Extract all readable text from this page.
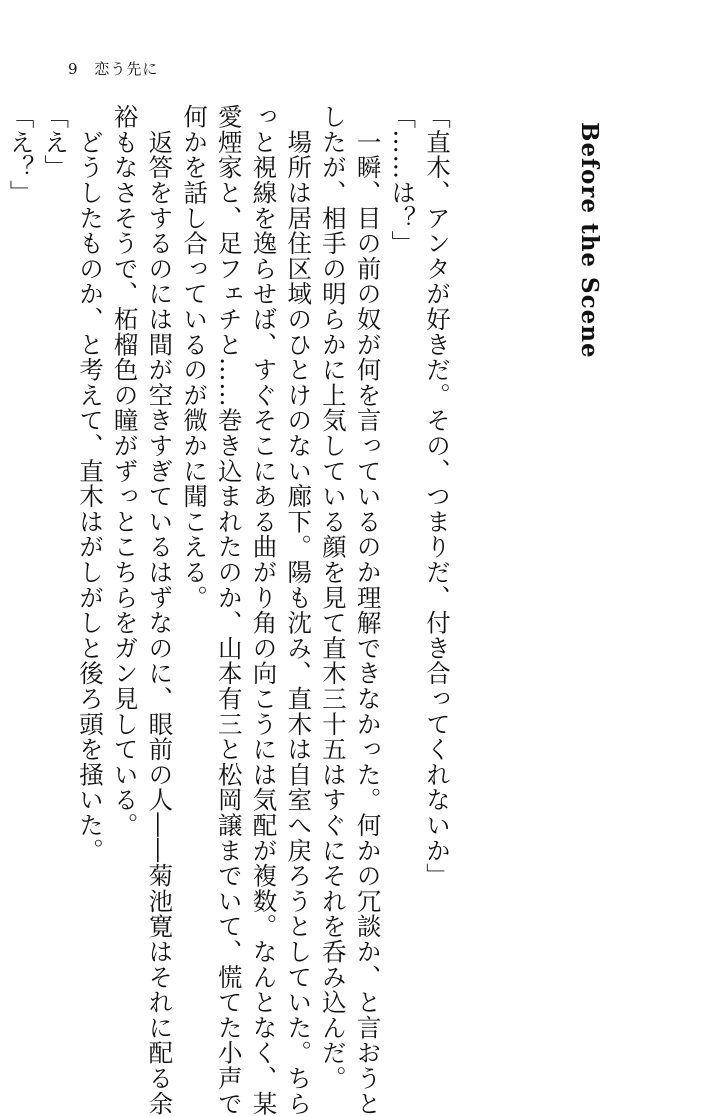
9 恋う先に
Before the Scene

「直木、アンタが好きだ。その、つまりだ、付き合ってくれないか」

「……は？」

　一瞬、目の前の奴が何を言っているのか理解できなかった。何かの冗談か、と言おうと

したが、相手の明らかに上気している顔を見て直木三十五はすぐにそれを呑み込んだ。

　場所は居住区域のひとけのない廊下。陽も沈み、直木は自室へ戻ろうとしていた。ちら

っと視線を逸らせば、すぐそこにある曲がり角の向こうには気配が複数。なんとなく、某

愛煙家と、足フェチと……巻き込まれたのか、山本有三と松岡譲までいて、慌てた小声で

何かを話し合っているのが微かに聞こえる。

　返答をするのには間が空きすぎているはずなのに、眼前の人――菊池寛はそれに配る余

裕もなさそうで、柘榴色の瞳がずっとこちらをガン見している。

　どうしたものか、と考えて、直木はがしがしと後ろ頭を掻いた。

「え」

「え？」
